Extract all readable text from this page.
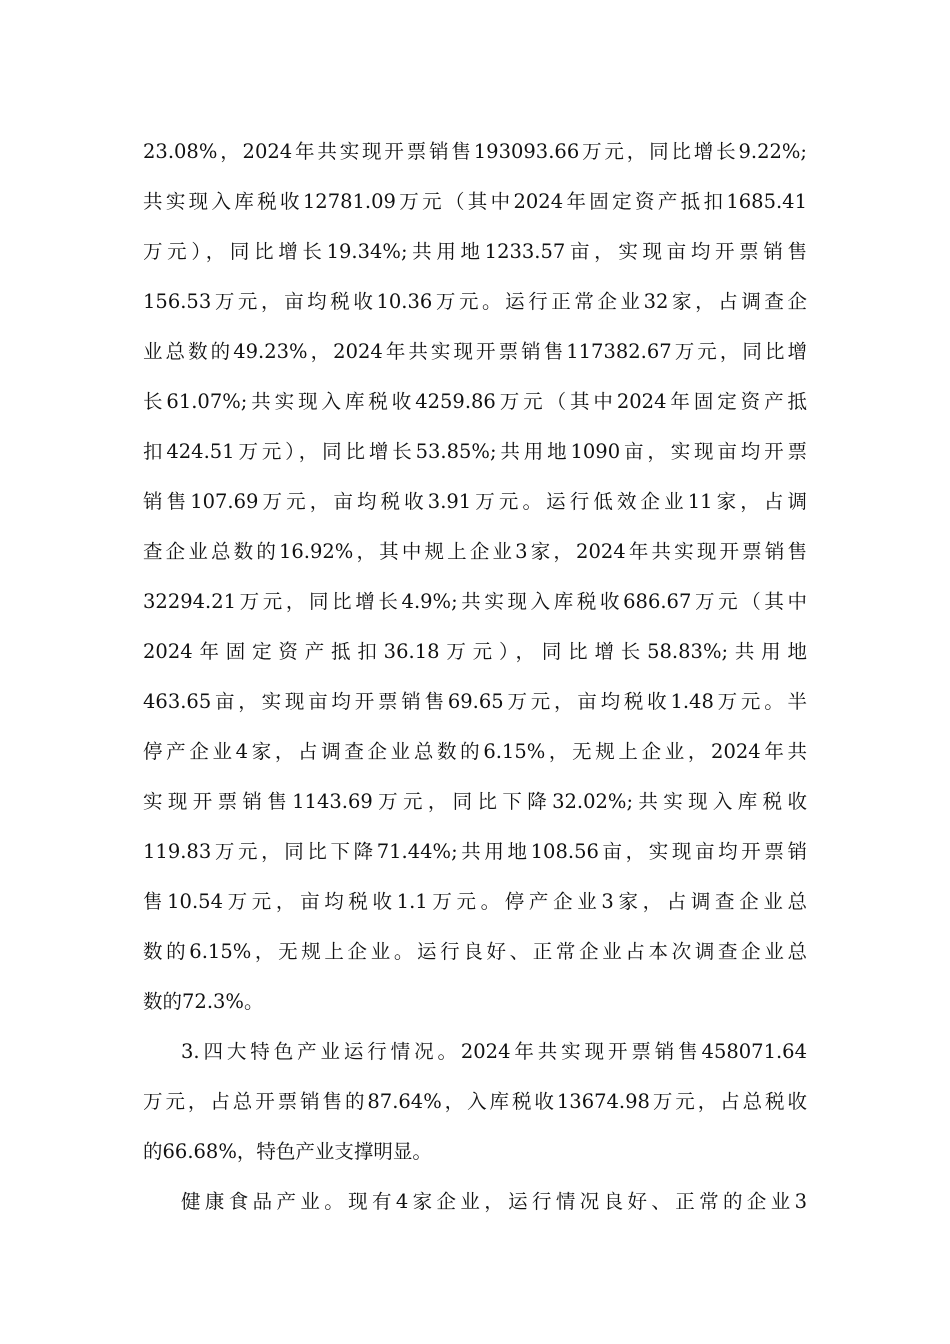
23.08%，2024年共实现开票销售193093.66万元，同比增长9.22%;
共实现入库税收12781.09万元（其中2024年固定资产抵扣1685.41
万元），同比增长19.34%;共用地1233.57亩，实现亩均开票销售
156.53万元，亩均税收10.36万元。运行正常企业32家，占调查企
业总数的49.23%，2024年共实现开票销售117382.67万元，同比增
长61.07%;共实现入库税收4259.86万元（其中2024年固定资产抵
扣424.51万元），同比增长53.85%;共用地1090亩，实现亩均开票
销售107.69万元，亩均税收3.91万元。运行低效企业11家，占调
查企业总数的16.92%，其中规上企业3家，2024年共实现开票销售
32294.21万元，同比增长4.9%;共实现入库税收686.67万元（其中
2024年固定资产抵扣36.18万元），同比增长58.83%;共用地
463.65亩，实现亩均开票销售69.65万元，亩均税收1.48万元。半
停产企业4家，占调查企业总数的6.15%，无规上企业，2024年共
实现开票销售1143.69万元，同比下降32.02%;共实现入库税收
119.83万元，同比下降71.44%;共用地108.56亩，实现亩均开票销
售10.54万元，亩均税收1.1万元。停产企业3家，占调查企业总
数的6.15%，无规上企业。运行良好、正常企业占本次调查企业总
数的72.3%。
3.四大特色产业运行情况。2024年共实现开票销售458071.64
万元，占总开票销售的87.64%，入库税收13674.98万元，占总税收
的66.68%，特色产业支撑明显。
健康食品产业。现有4家企业，运行情况良好、正常的企业3
